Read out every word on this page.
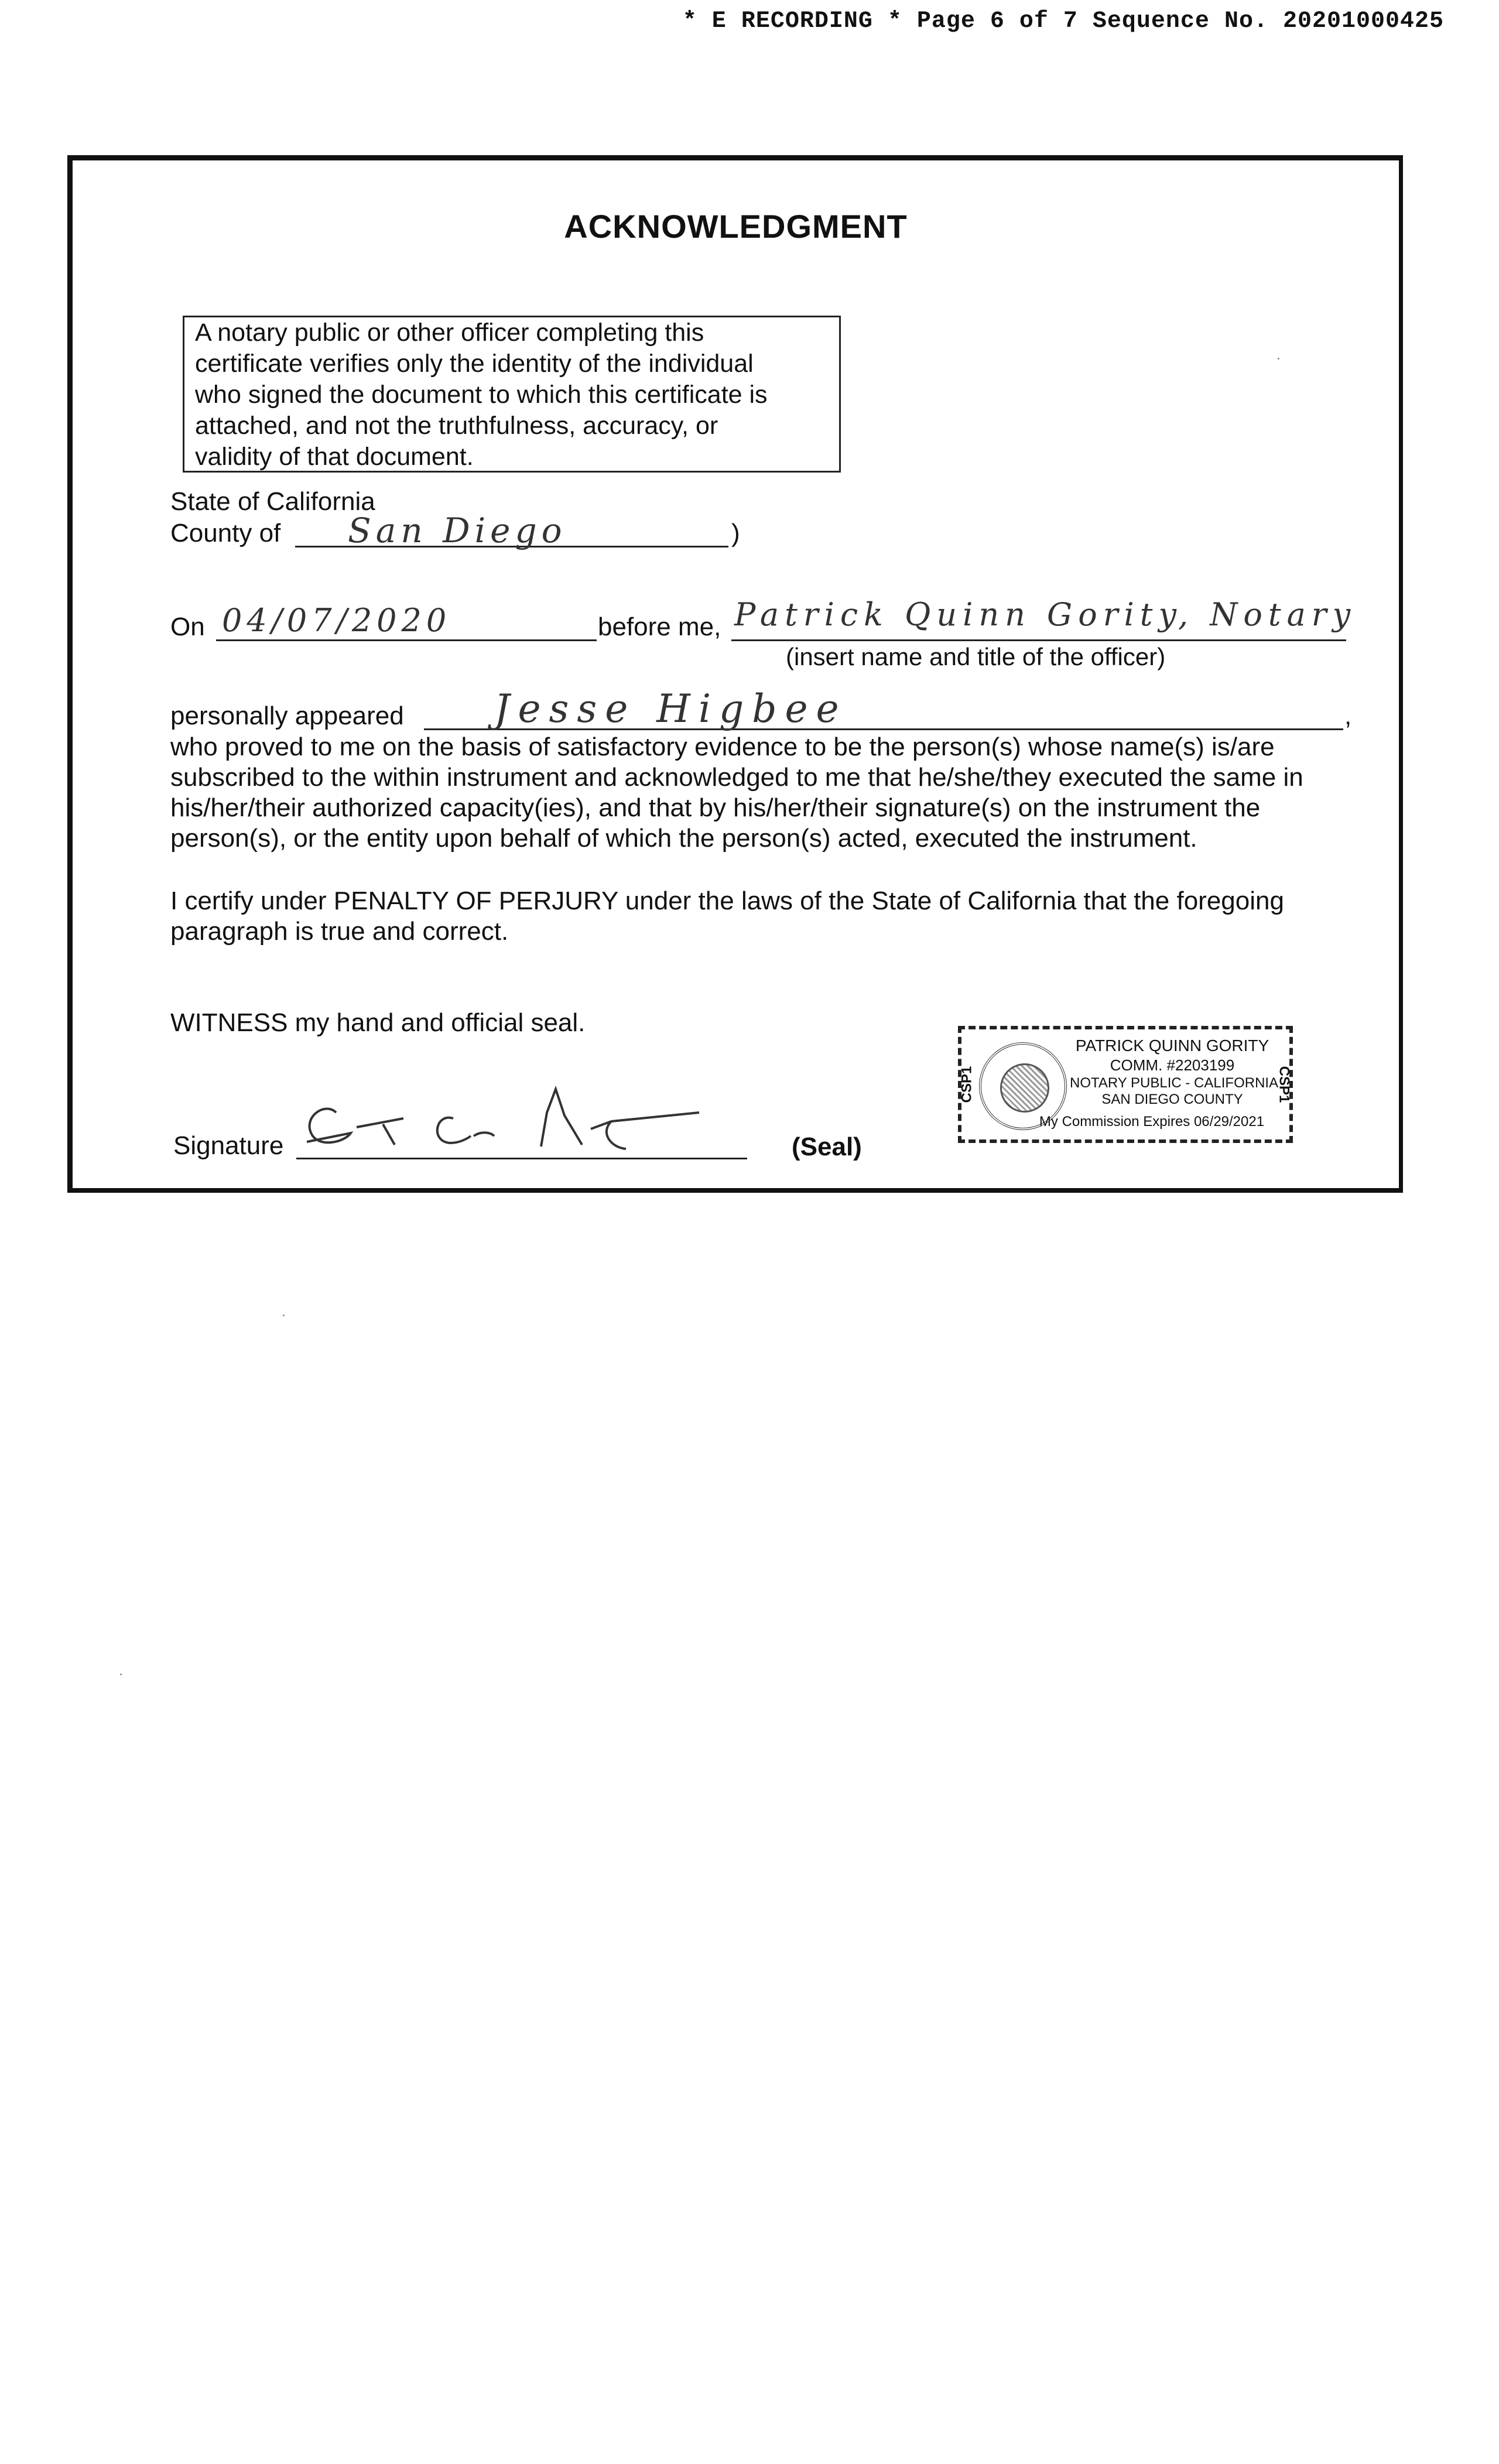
* E RECORDING * Page 6 of 7 Sequence No. 20201000425
ACKNOWLEDGMENT
A notary public or other officer completing this
certificate verifies only the identity of the individual
who signed the document to which this certificate is
attached, and not the truthfulness, accuracy, or
validity of that document.
State of California
County of San Diego	)
On 04/07/2020	before me, Patrick Quinn Gority, Notary
(insert name and title of the officer)
personally appeared Jesse Higbee	,
who proved to me on the basis of satisfactory evidence to be the person(s) whose name(s) is/are
subscribed to the within instrument and acknowledged to me that he/she/they executed the same in
his/her/their authorized capacity(ies), and that by his/her/their signature(s) on the instrument the
person(s), or the entity upon behalf of which the person(s) acted, executed the instrument.
I certify under PENALTY OF PERJURY under the laws of the State of California that the foregoing
paragraph is true and correct.
WITNESS my hand and official seal.
Signature	(Seal)
PATRICK QUINN GORITY
COMM. #2203199
NOTARY PUBLIC - CALIFORNIA
SAN DIEGO COUNTY
My Commission Expires 06/29/2021
CSP1	CSP1
